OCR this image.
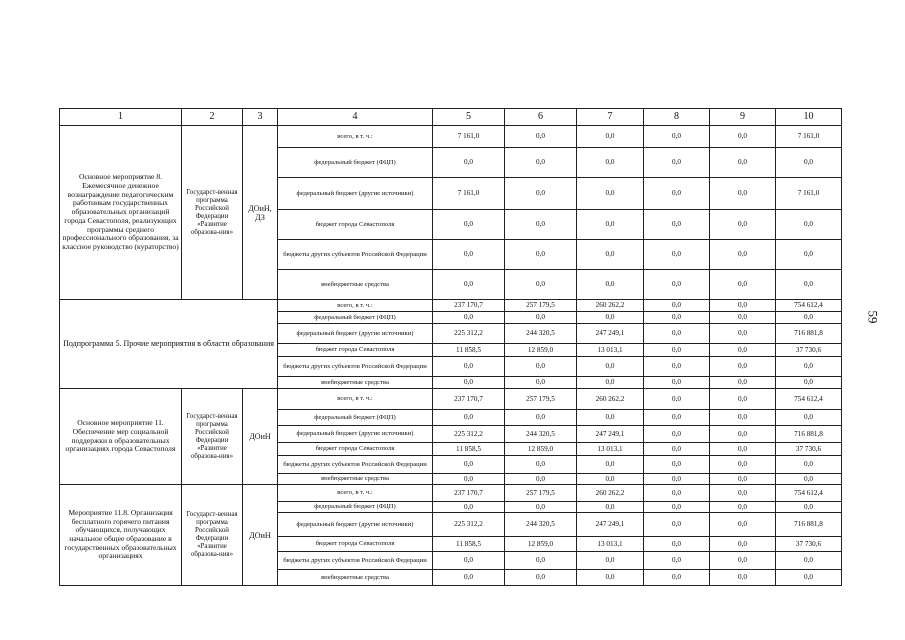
59
1	2	3	4	5	6	7	8	9	10
Основное мероприятие 8. Ежемесячное денежное вознаграждение педагогическим работникам государственных образовательных организаций города Севастополя, реализующих программы среднего профессионального образования, за классное руководство (кураторство)	Государст-венная программа Российской Федерации «Развитие образова-ния»	ДОиН, ДЗ	всего, в т. ч.:	7 161,0	0,0	0,0	0,0	0,0	7 161,0
			федеральный бюджет (ФЦП)	0,0	0,0	0,0	0,0	0,0	0,0
			федеральный бюджет (другие источники)	7 161,0	0,0	0,0	0,0	0,0	7 161,0
			бюджет города Севастополя	0,0	0,0	0,0	0,0	0,0	0,0
			бюджеты других субъектов Российской Федерации	0,0	0,0	0,0	0,0	0,0	0,0
			внебюджетные средства	0,0	0,0	0,0	0,0	0,0	0,0
Подпрограмма 5. Прочие мероприятия в области образования			всего, в т. ч.:	237 170,7	257 179,5	260 262,2	0,0	0,0	754 612,4
			федеральный бюджет (ФЦП)	0,0	0,0	0,0	0,0	0,0	0,0
			федеральный бюджет (другие источники)	225 312,2	244 320,5	247 249,1	0,0	0,0	716 881,8
			бюджет города Севастополя	11 858,5	12 859,0	13 013,1	0,0	0,0	37 730,6
			бюджеты других субъектов Российской Федерации	0,0	0,0	0,0	0,0	0,0	0,0
			внебюджетные средства	0,0	0,0	0,0	0,0	0,0	0,0
Основное мероприятие 11. Обеспечение мер социальной поддержки в образовательных организациях города Севастополя	Государст-венная программа Российской Федерации «Развитие образова-ния»	ДОиН	всего, в т. ч.:	237 170,7	257 179,5	260 262,2	0,0	0,0	754 612,4
			федеральный бюджет (ФЦП)	0,0	0,0	0,0	0,0	0,0	0,0
			федеральный бюджет (другие источники)	225 312,2	244 320,5	247 249,1	0,0	0,0	716 881,8
			бюджет города Севастополя	11 858,5	12 859,0	13 013,1	0,0	0,0	37 730,6
			бюджеты других субъектов Российской Федерации	0,0	0,0	0,0	0,0	0,0	0,0
			внебюджетные средства	0,0	0,0	0,0	0,0	0,0	0,0
Мероприятие 11.8. Организация бесплатного горячего питания обучающихся, получающих начальное общее образование в государственных образовательных организациях	Государст-венная программа Российской Федерации «Развитие образова-ния»	ДОиН	всего, в т. ч.:	237 170,7	257 179,5	260 262,2	0,0	0,0	754 612,4
			федеральный бюджет (ФЦП)	0,0	0,0	0,0	0,0	0,0	0,0
			федеральный бюджет (другие источники)	225 312,2	244 320,5	247 249,1	0,0	0,0	716 881,8
			бюджет города Севастополя	11 858,5	12 859,0	13 013,1	0,0	0,0	37 730,6
			бюджеты других субъектов Российской Федерации	0,0	0,0	0,0	0,0	0,0	0,0
			внебюджетные средства	0,0	0,0	0,0	0,0	0,0	0,0
